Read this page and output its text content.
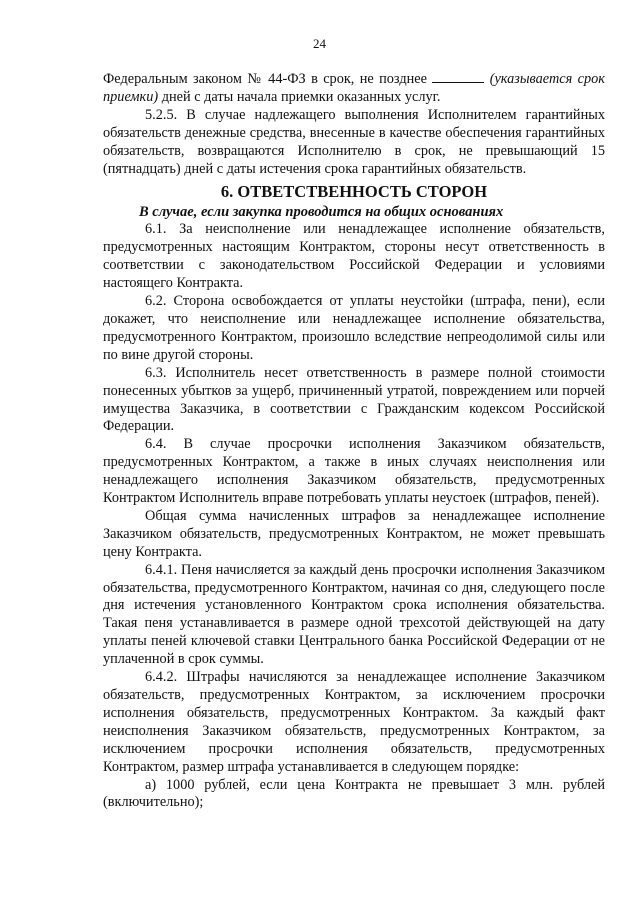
24

Федеральным законом № 44-ФЗ в срок, не позднее	(указывается срок приемки) дней с даты начала приемки оказанных услуг.

5.2.5. В случае надлежащего выполнения Исполнителем гарантийных обязательств денежные средства, внесенные в качестве обеспечения гарантийных обязательств, возвращаются Исполнителю в срок, не превышающий 15 (пятнадцать) дней с даты истечения срока гарантийных обязательств.

6. ОТВЕТСТВЕННОСТЬ СТОРОН

В случае, если закупка проводится на общих основаниях

6.1. За неисполнение или ненадлежащее исполнение обязательств, предусмотренных настоящим Контрактом, стороны несут ответственность в соответствии с законодательством Российской Федерации и условиями настоящего Контракта.

6.2. Сторона освобождается от уплаты неустойки (штрафа, пени), если докажет, что неисполнение или ненадлежащее исполнение обязательства, предусмотренного Контрактом, произошло вследствие непреодолимой силы или по вине другой стороны.

6.3. Исполнитель несет ответственность в размере полной стоимости понесенных убытков за ущерб, причиненный утратой, повреждением или порчей имущества Заказчика, в соответствии с Гражданским кодексом Российской Федерации.

6.4. В случае просрочки исполнения Заказчиком обязательств, предусмотренных Контрактом, а также в иных случаях неисполнения или ненадлежащего исполнения Заказчиком обязательств, предусмотренных Контрактом Исполнитель вправе потребовать уплаты неустоек (штрафов, пеней).

Общая сумма начисленных штрафов за ненадлежащее исполнение Заказчиком обязательств, предусмотренных Контрактом, не может превышать цену Контракта.

6.4.1. Пеня начисляется за каждый день просрочки исполнения Заказчиком обязательства, предусмотренного Контрактом, начиная со дня, следующего после дня истечения установленного Контрактом срока исполнения обязательства. Такая пеня устанавливается в размере одной трехсотой действующей на дату уплаты пеней ключевой ставки Центрального банка Российской Федерации от не уплаченной в срок суммы.

6.4.2. Штрафы начисляются за ненадлежащее исполнение Заказчиком обязательств, предусмотренных Контрактом, за исключением просрочки исполнения обязательств, предусмотренных Контрактом. За каждый факт неисполнения Заказчиком обязательств, предусмотренных Контрактом, за исключением просрочки исполнения обязательств, предусмотренных Контрактом, размер штрафа устанавливается в следующем порядке:

а) 1000 рублей, если цена Контракта не превышает 3 млн. рублей (включительно);
